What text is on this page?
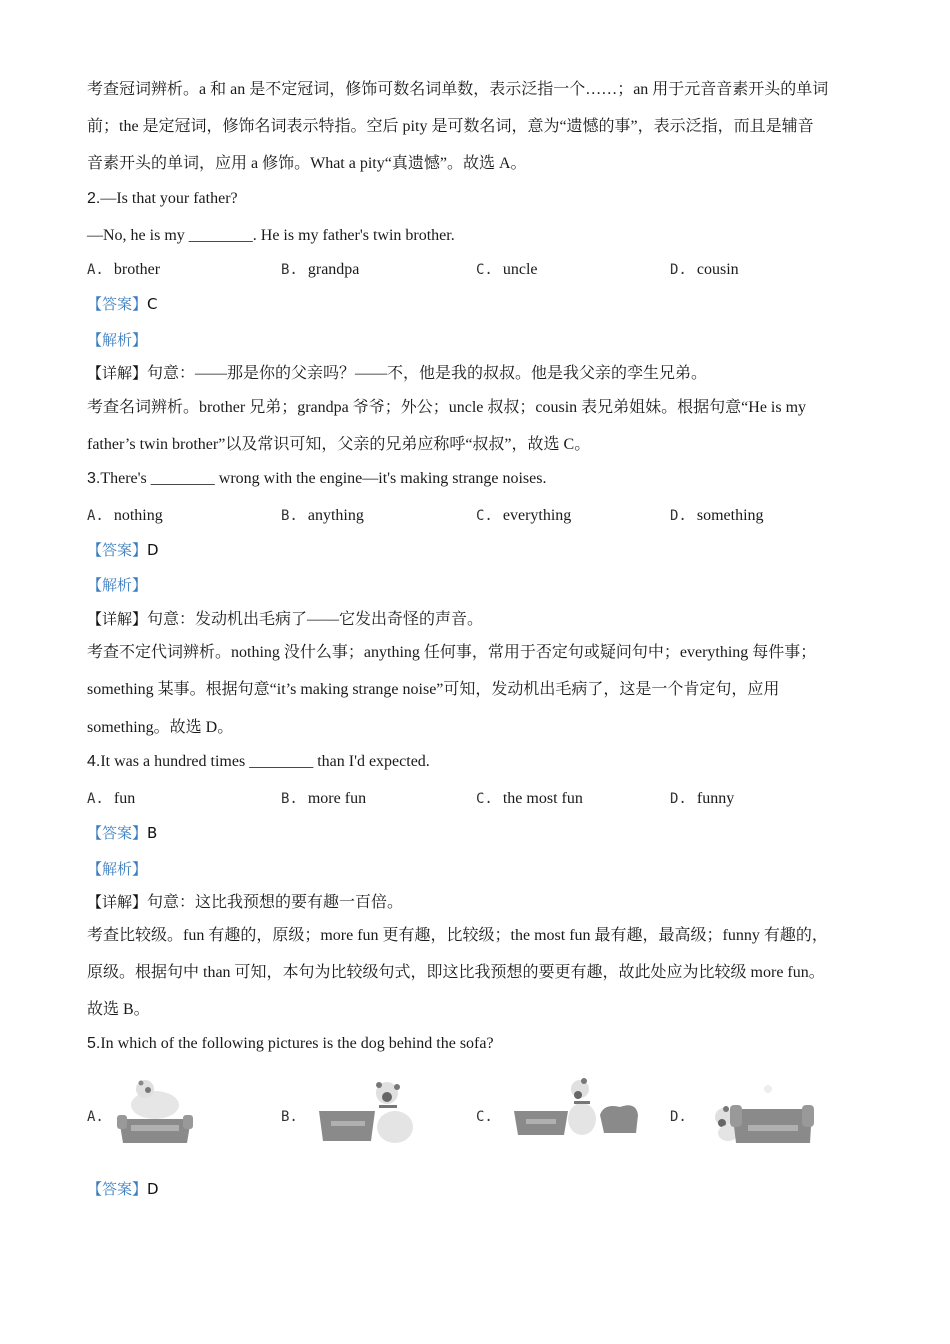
考查冠词辨析。a 和 an 是不定冠词，修饰可数名词单数，表示泛指一个……；an 用于元音音素开头的单词
前；the 是定冠词，修饰名词表示特指。空后 pity 是可数名词，意为“遗憾的事”，表示泛指，而且是辅音
音素开头的单词，应用 a 修饰。What a pity“真遗憾”。故选 A。
2.—Is that your father?
—No, he is my ________. He is my father's twin brother.
A. brother	B. grandpa	C. uncle	D. cousin
【答案】C
【解析】
【详解】句意：——那是你的父亲吗？——不，他是我的叔叔。他是我父亲的孪生兄弟。
考查名词辨析。brother 兄弟；grandpa 爷爷；外公；uncle 叔叔；cousin 表兄弟姐妹。根据句意“He is my
father’s twin brother”以及常识可知，父亲的兄弟应称呼“叔叔”，故选 C。
3.There's ________ wrong with the engine—it's making strange noises.
A. nothing	B. anything	C. everything	D. something
【答案】D
【解析】
【详解】句意：发动机出毛病了——它发出奇怪的声音。
考查不定代词辨析。nothing 没什么事；anything 任何事，常用于否定句或疑问句中；everything 每件事；
something 某事。根据句意“it’s making strange noise”可知，发动机出毛病了，这是一个肯定句，应用
something。故选 D。
4.It was a hundred times ________ than I'd expected.
A. fun	B. more fun	C. the most fun	D. funny
【答案】B
【解析】
【详解】句意：这比我预想的要有趣一百倍。
考查比较级。fun 有趣的，原级；more fun 更有趣，比较级；the most fun 最有趣，最高级；funny 有趣的，
原级。根据句中 than 可知，本句为比较级句式，即这比我预想的要更有趣，故此处应为比较级 more fun。
故选 B。
5.In which of the following pictures is the dog behind the sofa?
A.	B.	C.	D.
【答案】D
